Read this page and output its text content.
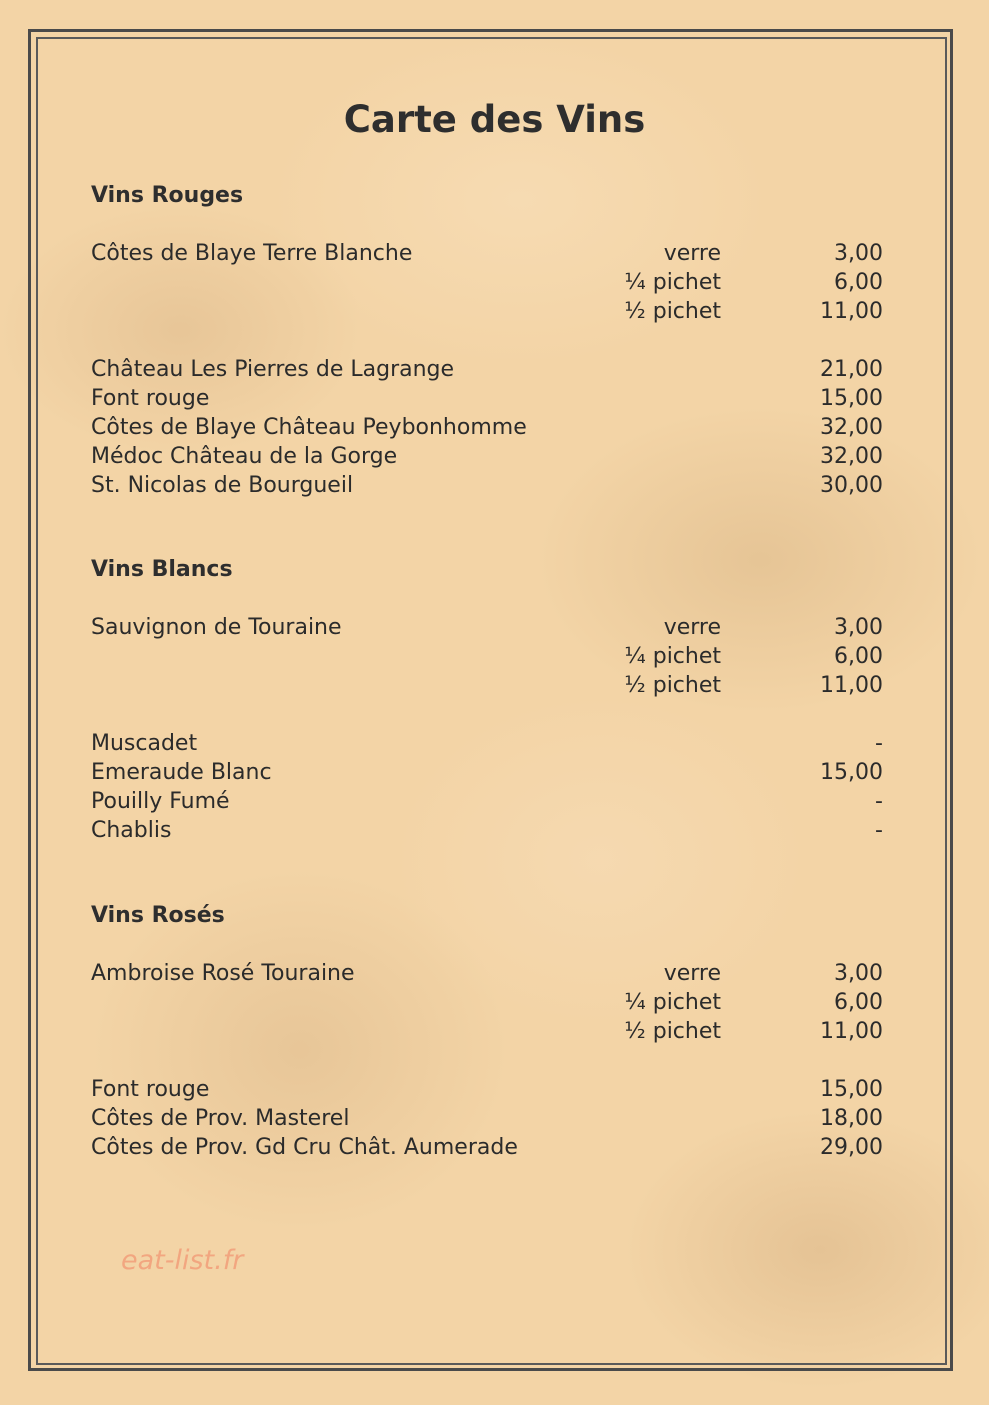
Carte des Vins
Vins Rouges
Côtes de Blaye Terre Blanche	verre	3,00
¼ pichet	6,00
½ pichet	11,00
Château Les Pierres de Lagrange	21,00
Font rouge	15,00
Côtes de Blaye Château Peybonhomme	32,00
Médoc Château de la Gorge	32,00
St. Nicolas de Bourgueil	30,00
Vins Blancs
Sauvignon de Touraine	verre	3,00
¼ pichet	6,00
½ pichet	11,00
Muscadet	-
Emeraude Blanc	15,00
Pouilly Fumé	-
Chablis	-
Vins Rosés
Ambroise Rosé Touraine	verre	3,00
¼ pichet	6,00
½ pichet	11,00
Font rouge	15,00
Côtes de Prov. Masterel	18,00
Côtes de Prov. Gd Cru Chât. Aumerade	29,00
eat-list.fr
